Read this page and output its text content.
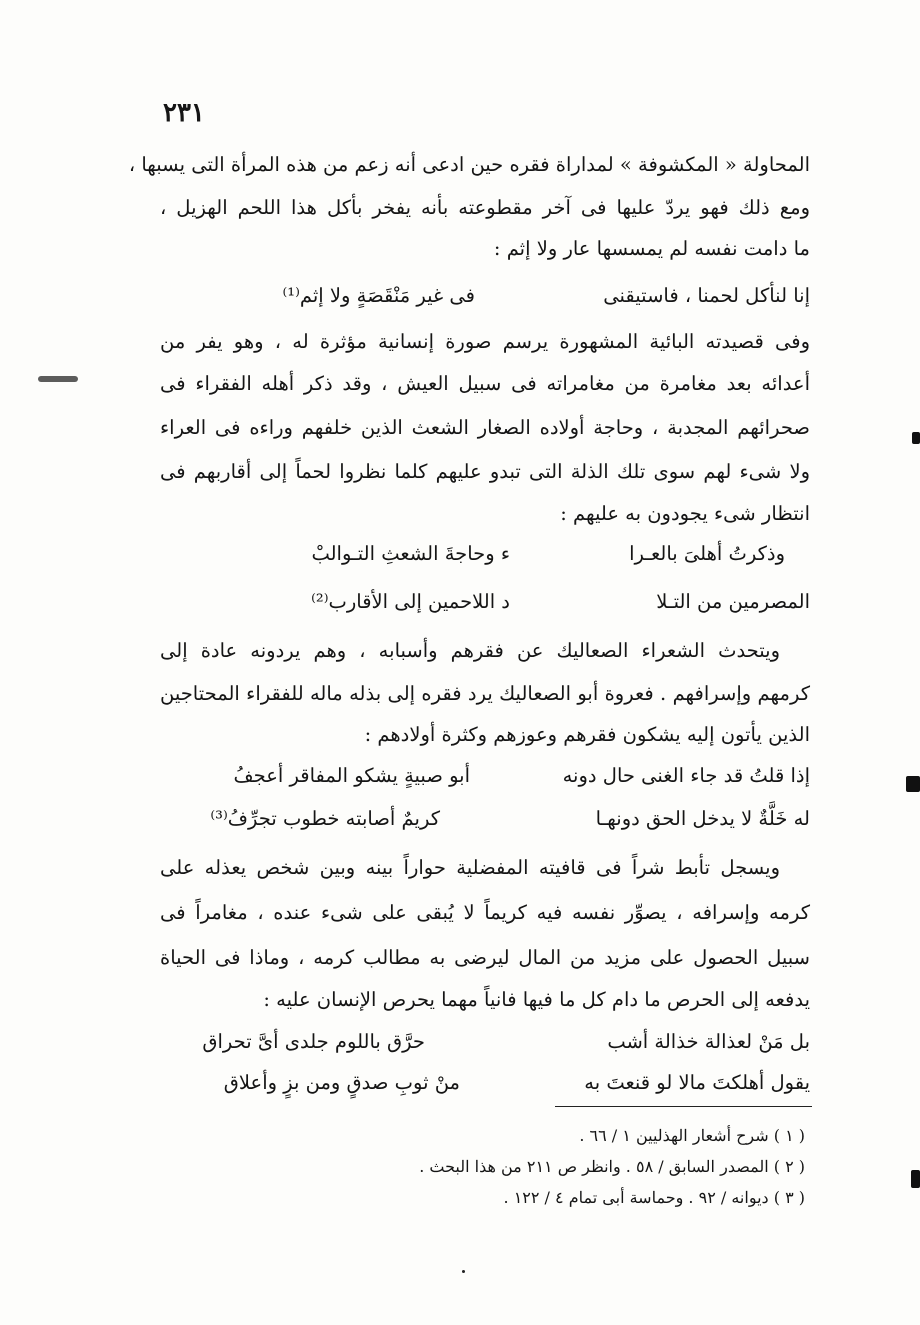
٢٣١
المحاولة « المكشوفة » لمداراة فقره حين ادعى أنه زعم من هذه المرأة التى يسبها ،
ومع ذلك فهو يردّ عليها فى آخر مقطوعته بأنه يفخر بأكل هذا اللحم الهزيل ،
ما دامت نفسه لم يمسسها عار ولا إثم :
إنا لنأكل لحمنا ، فاستيقنى
فى غير مَنْقَصَةٍ ولا إثم⁽¹⁾
وفى قصيدته البائية المشهورة يرسم صورة إنسانية مؤثرة له ، وهو يفر من
أعدائه بعد مغامرة من مغامراته فى سبيل العيش ، وقد ذكر أهله الفقراء فى
صحرائهم المجدبة ، وحاجة أولاده الصغار الشعث الذين خلفهم وراءه فى العراء
ولا شىء لهم سوى تلك الذلة التى تبدو عليهم كلما نظروا لحماً إلى أقاربهم فى
انتظار شىء يجودون به عليهم :
وذكرتُ أهلىَ بالعـرا
ء وحاجةَ الشعثِ التـوالبْ
المصرمين من التـلا
د اللاحمين إلى الأقارب⁽²⁾
ويتحدث الشعراء الصعاليك عن فقرهم وأسبابه ، وهم يردونه عادة إلى
كرمهم وإسرافهم . فعروة أبو الصعاليك يرد فقره إلى بذله ماله للفقراء المحتاجين
الذين يأتون إليه يشكون فقرهم وعوزهم وكثرة أولادهم :
إذا قلتُ قد جاء الغنى حال دونه
أبو صبيةٍ يشكو المفاقر أعجفُ
له خَلَّةٌ لا يدخل الحق دونهـا
كريمٌ أصابته خطوب تجرِّفُ⁽³⁾
ويسجل تأبط شراً فى قافيته المفضلية حواراً بينه وبين شخص يعذله على
كرمه وإسرافه ، يصوِّر نفسه فيه كريماً لا يُبقى على شىء عنده ، مغامراً فى
سبيل الحصول على مزيد من المال ليرضى به مطالب كرمه ، وماذا فى الحياة
يدفعه إلى الحرص ما دام كل ما فيها فانياً مهما يحرص الإنسان عليه :
بل مَنْ لعذالة خذالة أشب
حرَّق باللوم جلدى أىَّ تحراق
يقول أهلكتَ مالا لو قنعتَ به
منْ ثوبِ صدقٍ ومن بزٍ وأعلاق
( ١ ) شرح أشعار الهذليين ١ / ٦٦ .
( ٢ ) المصدر السابق / ٥٨ . وانظر ص ٢١١ من هذا البحث .
( ٣ ) ديوانه / ٩٢ . وحماسة أبى تمام ٤ / ١٢٢ .
